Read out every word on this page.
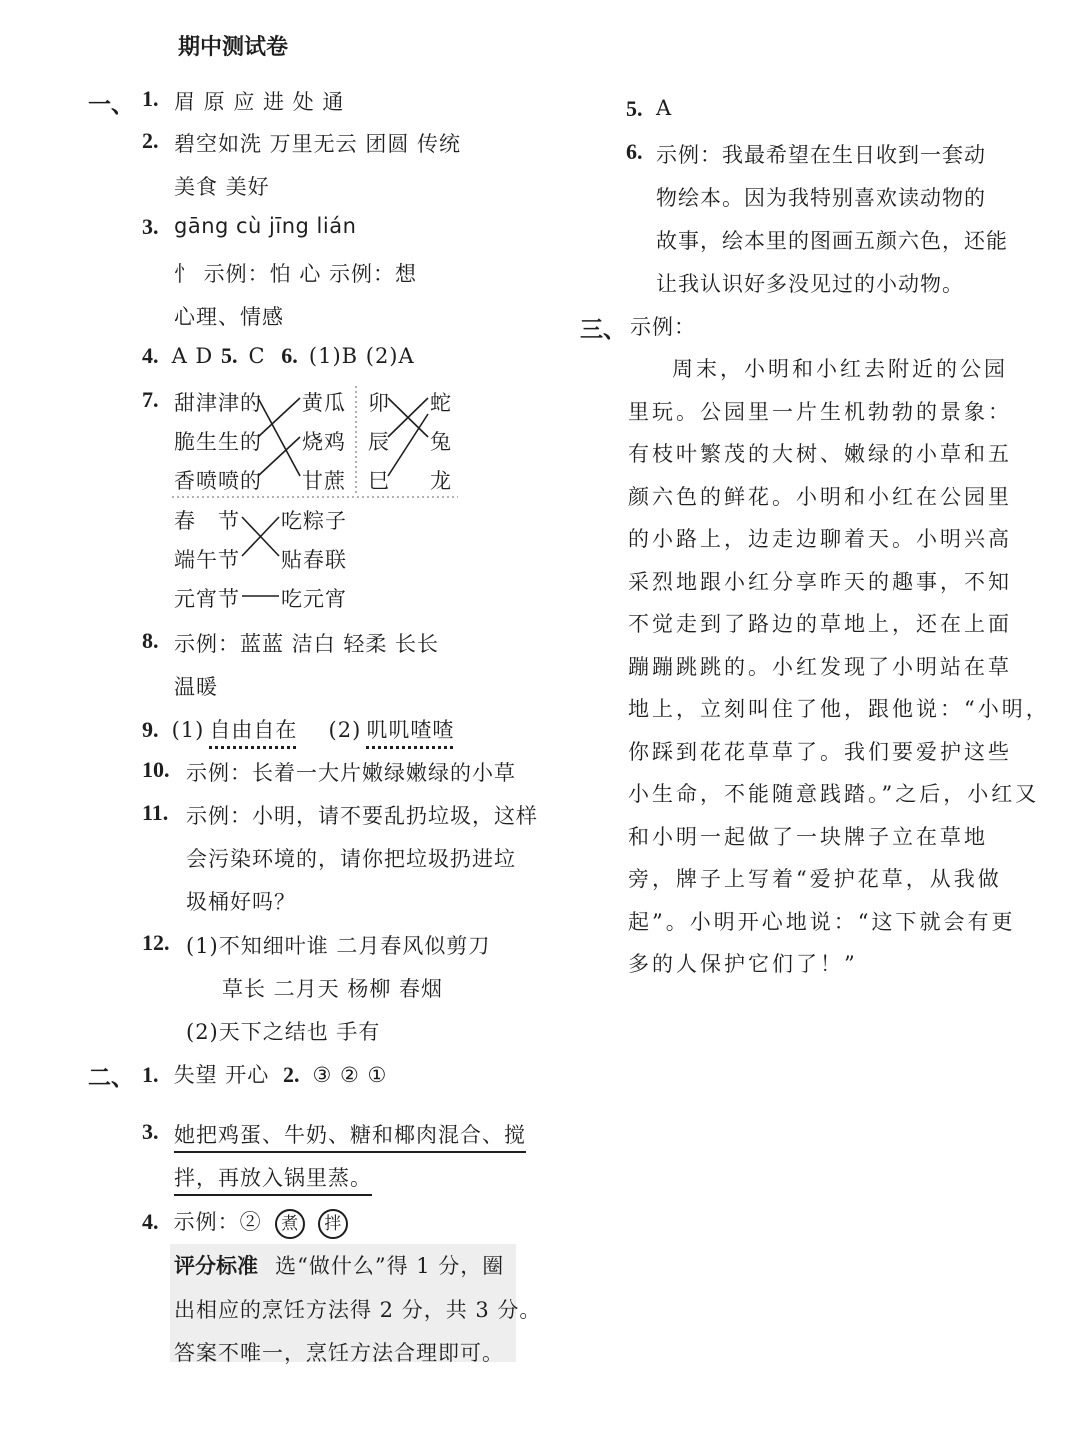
期中测试卷
一、 1. 眉 原 应 进 处 通
2. 碧空如洗 万里无云 团圆 传统
美食 美好
3. gāng cù jīng lián
忄 示例：怕 心 示例：想
心理、情感
4. A D 5. C 6. (1)B (2)A
7. 甜津津的
脆生生的
香喷喷的
黄瓜
烧鸡
甘蔗
卯
辰
巳
蛇
兔
龙
春　节
端午节
元宵节
吃粽子
贴春联
吃元宵
8. 示例：蓝蓝 洁白 轻柔 长长
温暖
9. (1) 自由自在 (2) 叽叽喳喳
10. 示例：长着一大片嫩绿嫩绿的小草
11. 示例：小明，请不要乱扔垃圾，这样
会污染环境的，请你把垃圾扔进垃
圾桶好吗？
12. (1)不知细叶谁 二月春风似剪刀
草长 二月天 杨柳 春烟
(2)天下之结也 手有
二、 1. 失望 开心 2. ③ ② ①
3. 她把鸡蛋、牛奶、糖和椰肉混合、搅
拌，再放入锅里蒸。
4. 示例：② 煮 拌
评分标准 选“做什么”得 1 分，圈
出相应的烹饪方法得 2 分，共 3 分。
答案不唯一，烹饪方法合理即可。
5. A
6. 示例：我最希望在生日收到一套动
物绘本。因为我特别喜欢读动物的
故事，绘本里的图画五颜六色，还能
让我认识好多没见过的小动物。
三、 示例：
周末，小明和小红去附近的公园
里玩。公园里一片生机勃勃的景象：
有枝叶繁茂的大树、嫩绿的小草和五
颜六色的鲜花。小明和小红在公园里
的小路上，边走边聊着天。小明兴高
采烈地跟小红分享昨天的趣事，不知
不觉走到了路边的草地上，还在上面
蹦蹦跳跳的。小红发现了小明站在草
地上，立刻叫住了他，跟他说：“小明，
你踩到花花草草了。我们要爱护这些
小生命，不能随意践踏。”之后，小红又
和小明一起做了一块牌子立在草地
旁，牌子上写着“爱护花草，从我做
起”。小明开心地说：“这下就会有更
多的人保护它们了！”
